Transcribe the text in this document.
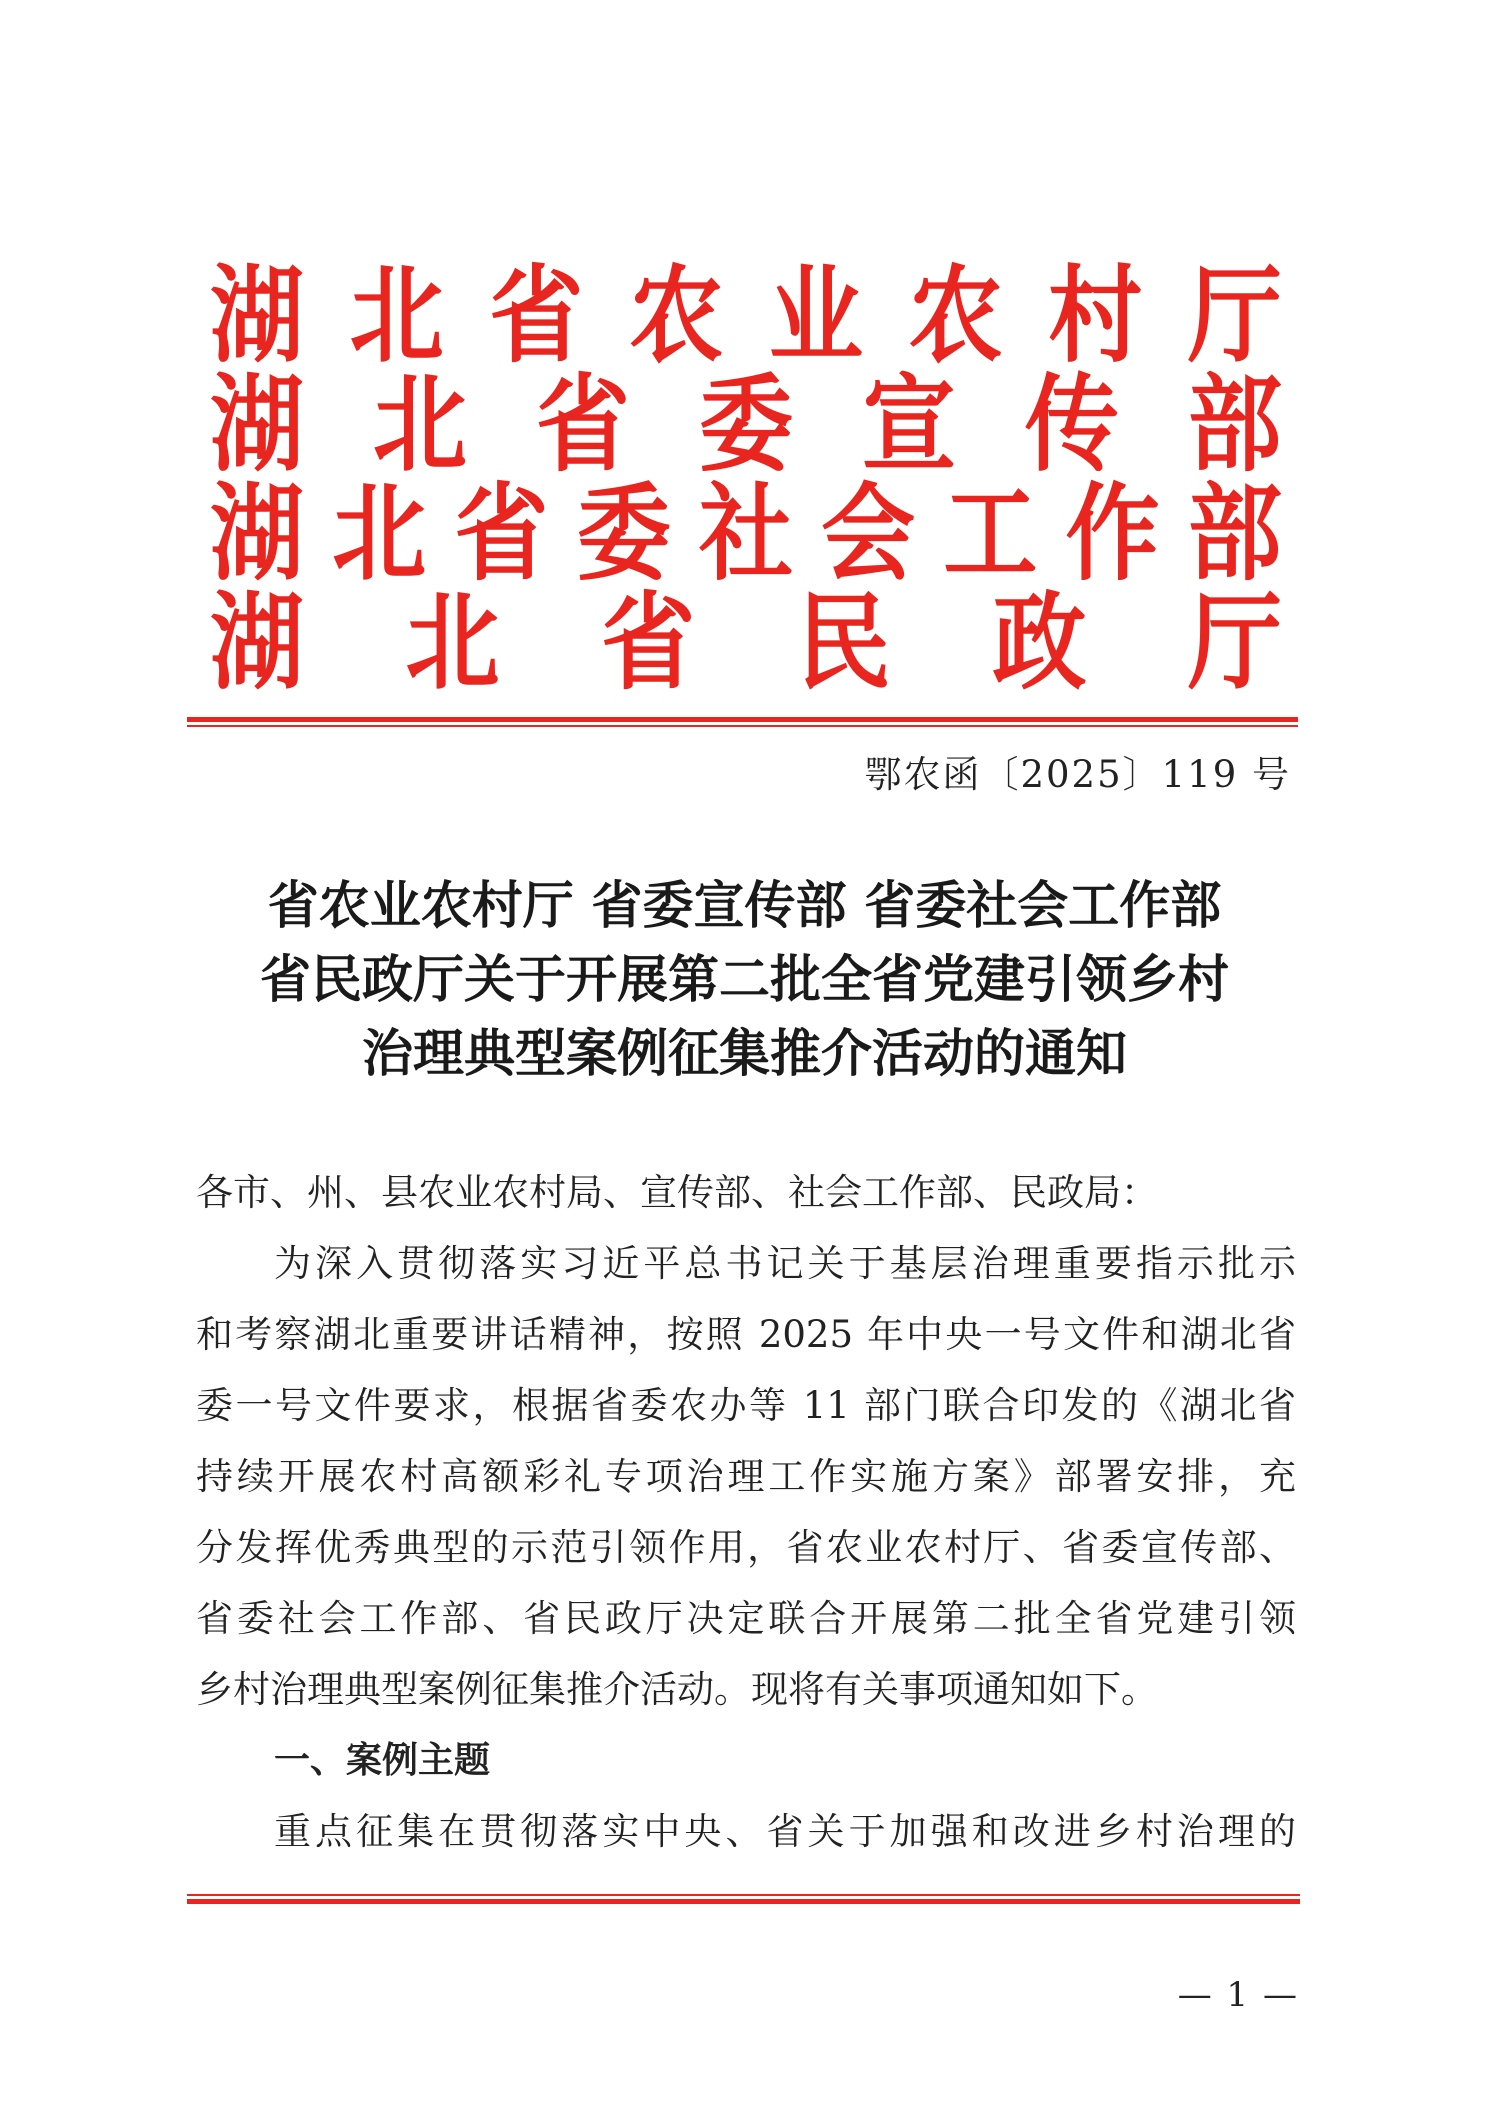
湖 北 省 农 业 农 村 厅
湖 北 省 委 宣 传 部
湖 北 省 委 社 会 工 作 部
湖 北 省 民 政 厅
鄂农函〔2025〕119 号
省农业农村厅 省委宣传部 省委社会工作部
省民政厅关于开展第二批全省党建引领乡村
治理典型案例征集推介活动的通知
各市、州、县农业农村局、宣传部、社会工作部、民政局：
为深入贯彻落实习近平总书记关于基层治理重要指示批示
和考察湖北重要讲话精神，按照 2025 年中央一号文件和湖北省
委一号文件要求，根据省委农办等 11 部门联合印发的《湖北省
持续开展农村高额彩礼专项治理工作实施方案》部署安排，充
分发挥优秀典型的示范引领作用，省农业农村厅、省委宣传部、
省委社会工作部、省民政厅决定联合开展第二批全省党建引领
乡村治理典型案例征集推介活动。现将有关事项通知如下。
一、案例主题
重点征集在贯彻落实中央、省关于加强和改进乡村治理的
— 1 —
